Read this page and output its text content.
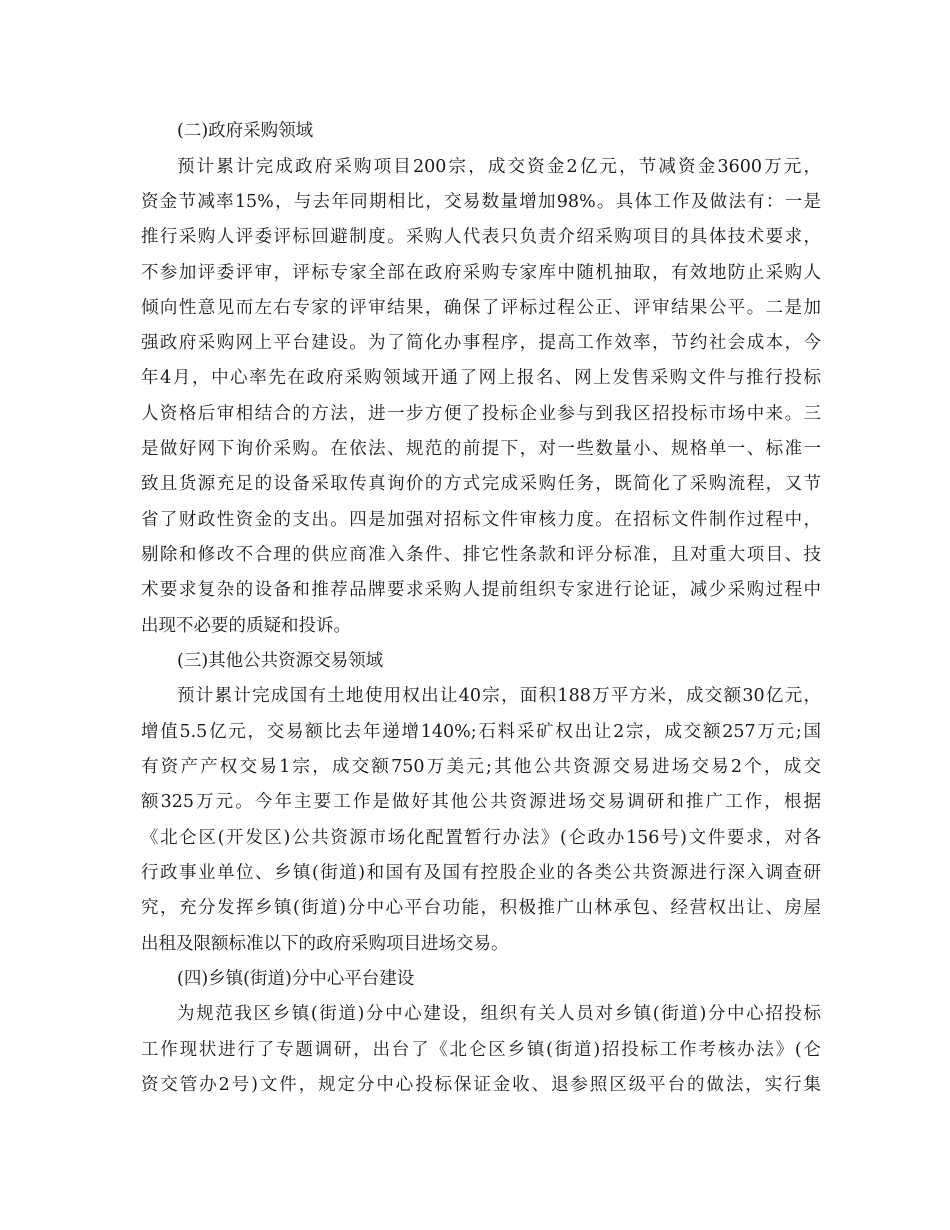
(二)政府采购领域
预计累计完成政府采购项目200宗，成交资金2亿元，节减资金3600万元，
资金节减率15%，与去年同期相比，交易数量增加98%。具体工作及做法有：一是
推行采购人评委评标回避制度。采购人代表只负责介绍采购项目的具体技术要求，
不参加评委评审，评标专家全部在政府采购专家库中随机抽取，有效地防止采购人
倾向性意见而左右专家的评审结果，确保了评标过程公正、评审结果公平。二是加
强政府采购网上平台建设。为了简化办事程序，提高工作效率，节约社会成本，今
年4月，中心率先在政府采购领域开通了网上报名、网上发售采购文件与推行投标
人资格后审相结合的方法，进一步方便了投标企业参与到我区招投标市场中来。三
是做好网下询价采购。在依法、规范的前提下，对一些数量小、规格单一、标准一
致且货源充足的设备采取传真询价的方式完成采购任务，既简化了采购流程，又节
省了财政性资金的支出。四是加强对招标文件审核力度。在招标文件制作过程中，
剔除和修改不合理的供应商准入条件、排它性条款和评分标准，且对重大项目、技
术要求复杂的设备和推荐品牌要求采购人提前组织专家进行论证，减少采购过程中
出现不必要的质疑和投诉。
(三)其他公共资源交易领域
预计累计完成国有土地使用权出让40宗，面积188万平方米，成交额30亿元，
增值5.5亿元，交易额比去年递增140%;石料采矿权出让2宗，成交额257万元;国
有资产产权交易1宗，成交额750万美元;其他公共资源交易进场交易2个，成交
额325万元。今年主要工作是做好其他公共资源进场交易调研和推广工作，根据
《北仑区(开发区)公共资源市场化配置暂行办法》(仑政办156号)文件要求，对各
行政事业单位、乡镇(街道)和国有及国有控股企业的各类公共资源进行深入调查研
究，充分发挥乡镇(街道)分中心平台功能，积极推广山林承包、经营权出让、房屋
出租及限额标准以下的政府采购项目进场交易。
(四)乡镇(街道)分中心平台建设
为规范我区乡镇(街道)分中心建设，组织有关人员对乡镇(街道)分中心招投标
工作现状进行了专题调研，出台了《北仑区乡镇(街道)招投标工作考核办法》(仑
资交管办2号)文件，规定分中心投标保证金收、退参照区级平台的做法，实行集
